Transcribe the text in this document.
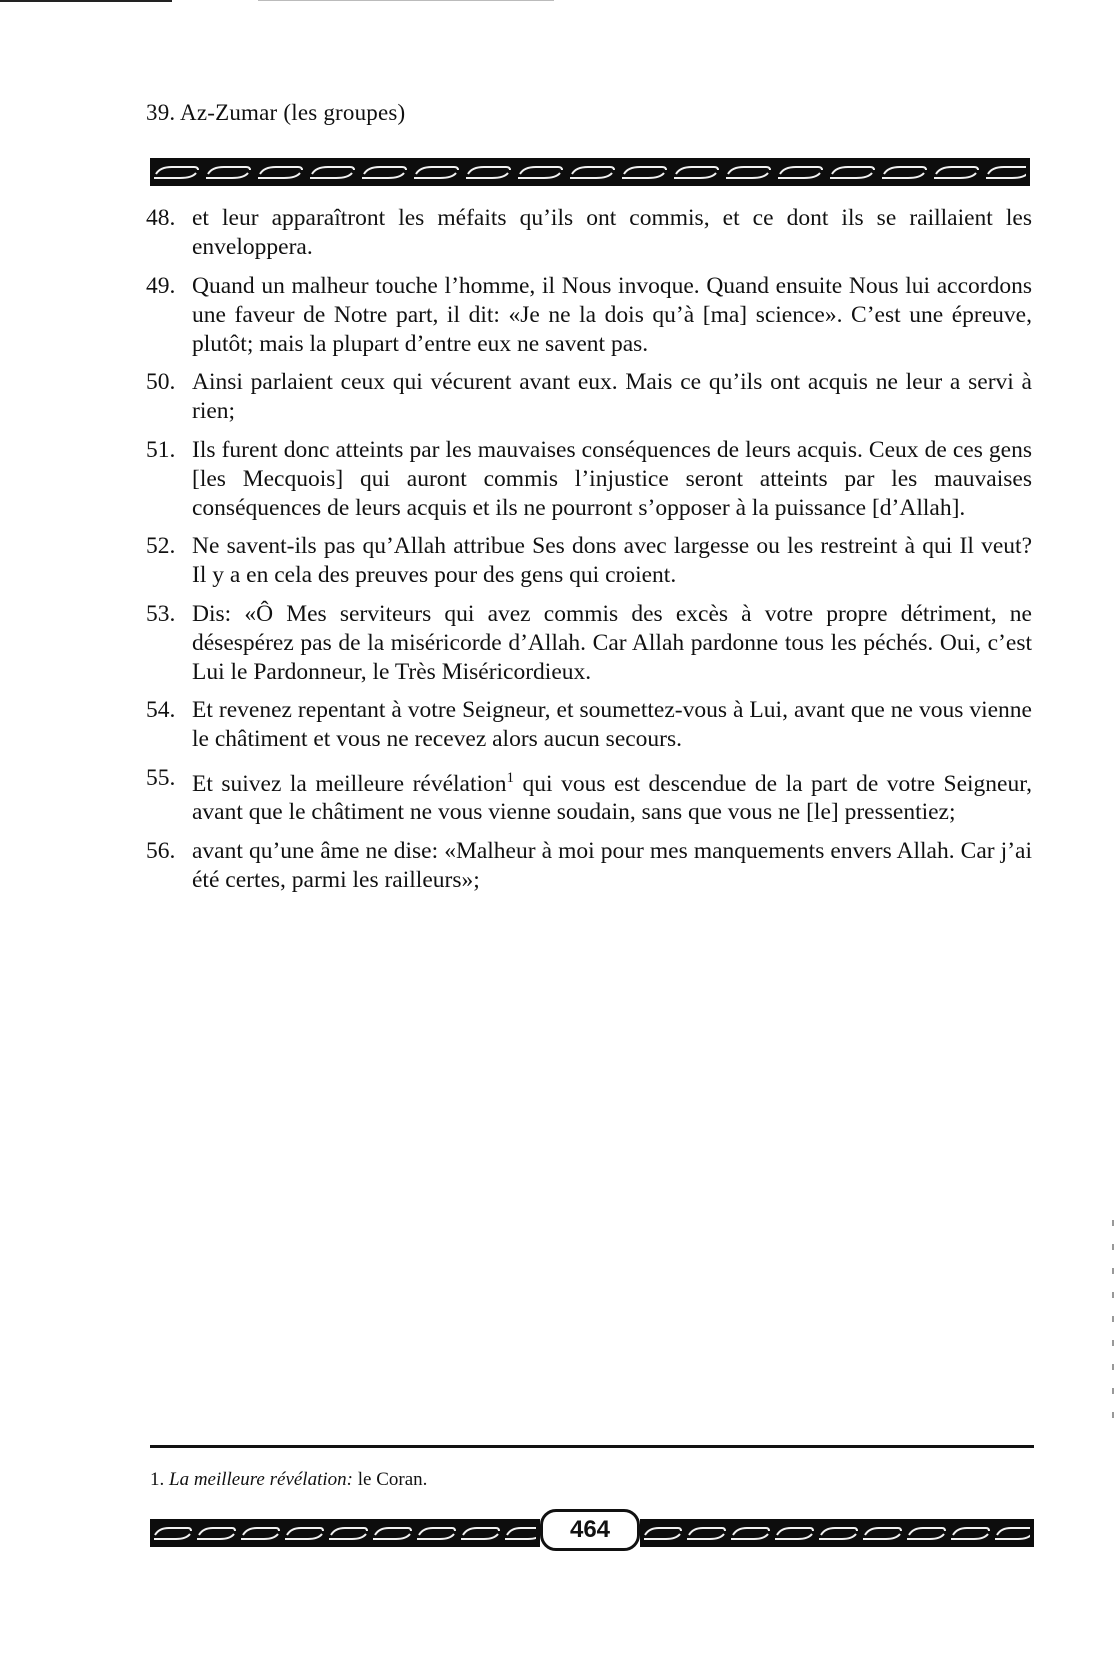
39. Az-Zumar (les groupes)
48. et leur apparaîtront les méfaits qu’ils ont commis, et ce dont ils se raillaient les enveloppera.
49. Quand un malheur touche l’homme, il Nous invoque. Quand ensuite Nous lui accordons une faveur de Notre part, il dit: «Je ne la dois qu’à [ma] science». C’est une épreuve, plutôt; mais la plupart d’entre eux ne savent pas.
50. Ainsi parlaient ceux qui vécurent avant eux. Mais ce qu’ils ont acquis ne leur a servi à rien;
51. Ils furent donc atteints par les mauvaises conséquences de leurs acquis. Ceux de ces gens [les Mecquois] qui auront commis l’injustice seront atteints par les mauvaises conséquences de leurs acquis et ils ne pourront s’opposer à la puissance [d’Allah].
52. Ne savent-ils pas qu’Allah attribue Ses dons avec largesse ou les restreint à qui Il veut? Il y a en cela des preuves pour des gens qui croient.
53. Dis: «Ô Mes serviteurs qui avez commis des excès à votre propre détriment, ne désespérez pas de la miséricorde d’Allah. Car Allah pardonne tous les péchés. Oui, c’est Lui le Pardonneur, le Très Miséricordieux.
54. Et revenez repentant à votre Seigneur, et soumettez-vous à Lui, avant que ne vous vienne le châtiment et vous ne recevez alors aucun secours.
55. Et suivez la meilleure révélation$^1$ qui vous est descendue de la part de votre Seigneur, avant que le châtiment ne vous vienne soudain, sans que vous ne [le] pressentiez;
56. avant qu’une âme ne dise: «Malheur à moi pour mes manquements envers Allah. Car j’ai été certes, parmi les railleurs»;
1. La meilleure révélation: le Coran.
464
